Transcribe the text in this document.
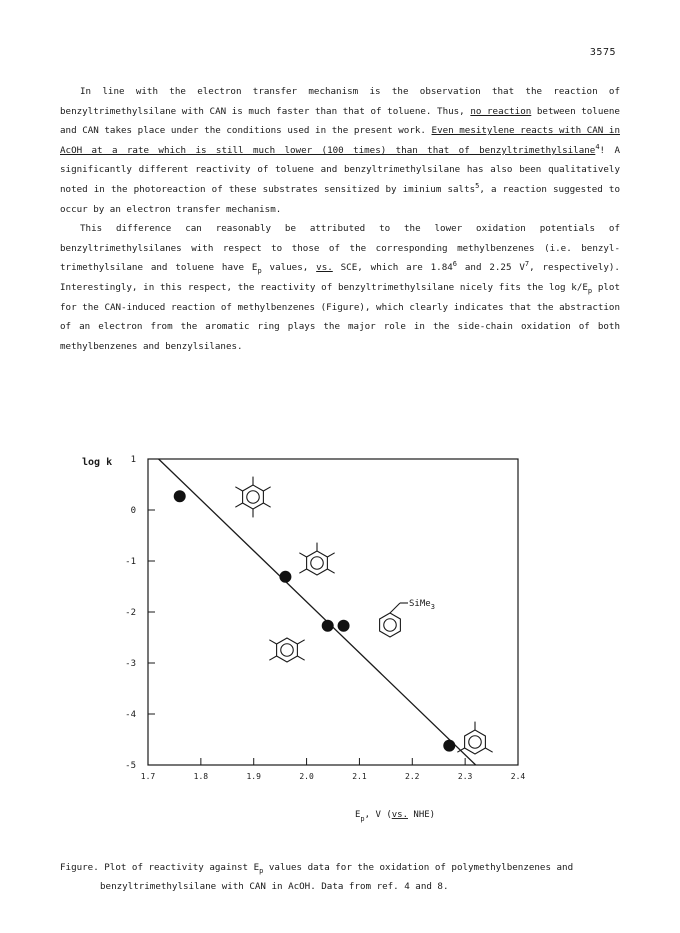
3575

In line with the electron transfer mechanism is the observation that the reaction of benzyltrimethylsilane with CAN is much faster than that of toluene. Thus, no reaction between toluene and CAN takes place under the conditions used in the present work. Even mesitylene reacts with CAN in AcOH at a rate which is still much lower (100 times) than that of benzyltrimethylsilane$^4$! A significantly different reactivity of toluene and benzyltrimethylsilane has also been qualitatively noted in the photoreaction of these substrates sensitized by iminium salts$^5$, a reaction suggested to occur by an electron transfer mechanism.

This difference can reasonably be attributed to the lower oxidation potentials of benzyltrimethylsilanes with respect to those of the corresponding methylbenzenes (i.e. benzyl-trimethylsilane and toluene have $E_p$ values, vs. SCE, which are 1.84$^6$ and 2.25 $V^7$, respectively). Interestingly, in this respect, the reactivity of benzyltrimethylsilane nicely fits the $\log k/E_p$ plot for the CAN-induced reaction of methylbenzenes (Figure), which clearly indicates that the abstraction of an electron from the aromatic ring plays the major role in the side-chain oxidation of both methylbenzenes and benzylsilanes.

log k 1
0
-1
-2
-3
-4
-5
1.7	1.8	1.9	2.0	2.1	2.2	2.3	2.4
SiMe$_3$
$E_p$, V (vs. NHE)
Figure. Plot of reactivity against $E_p$ values data for the oxidation of polymethylbenzenes and
benzyltrimethylsilane with CAN in AcOH. Data from ref. 4 and 8.
